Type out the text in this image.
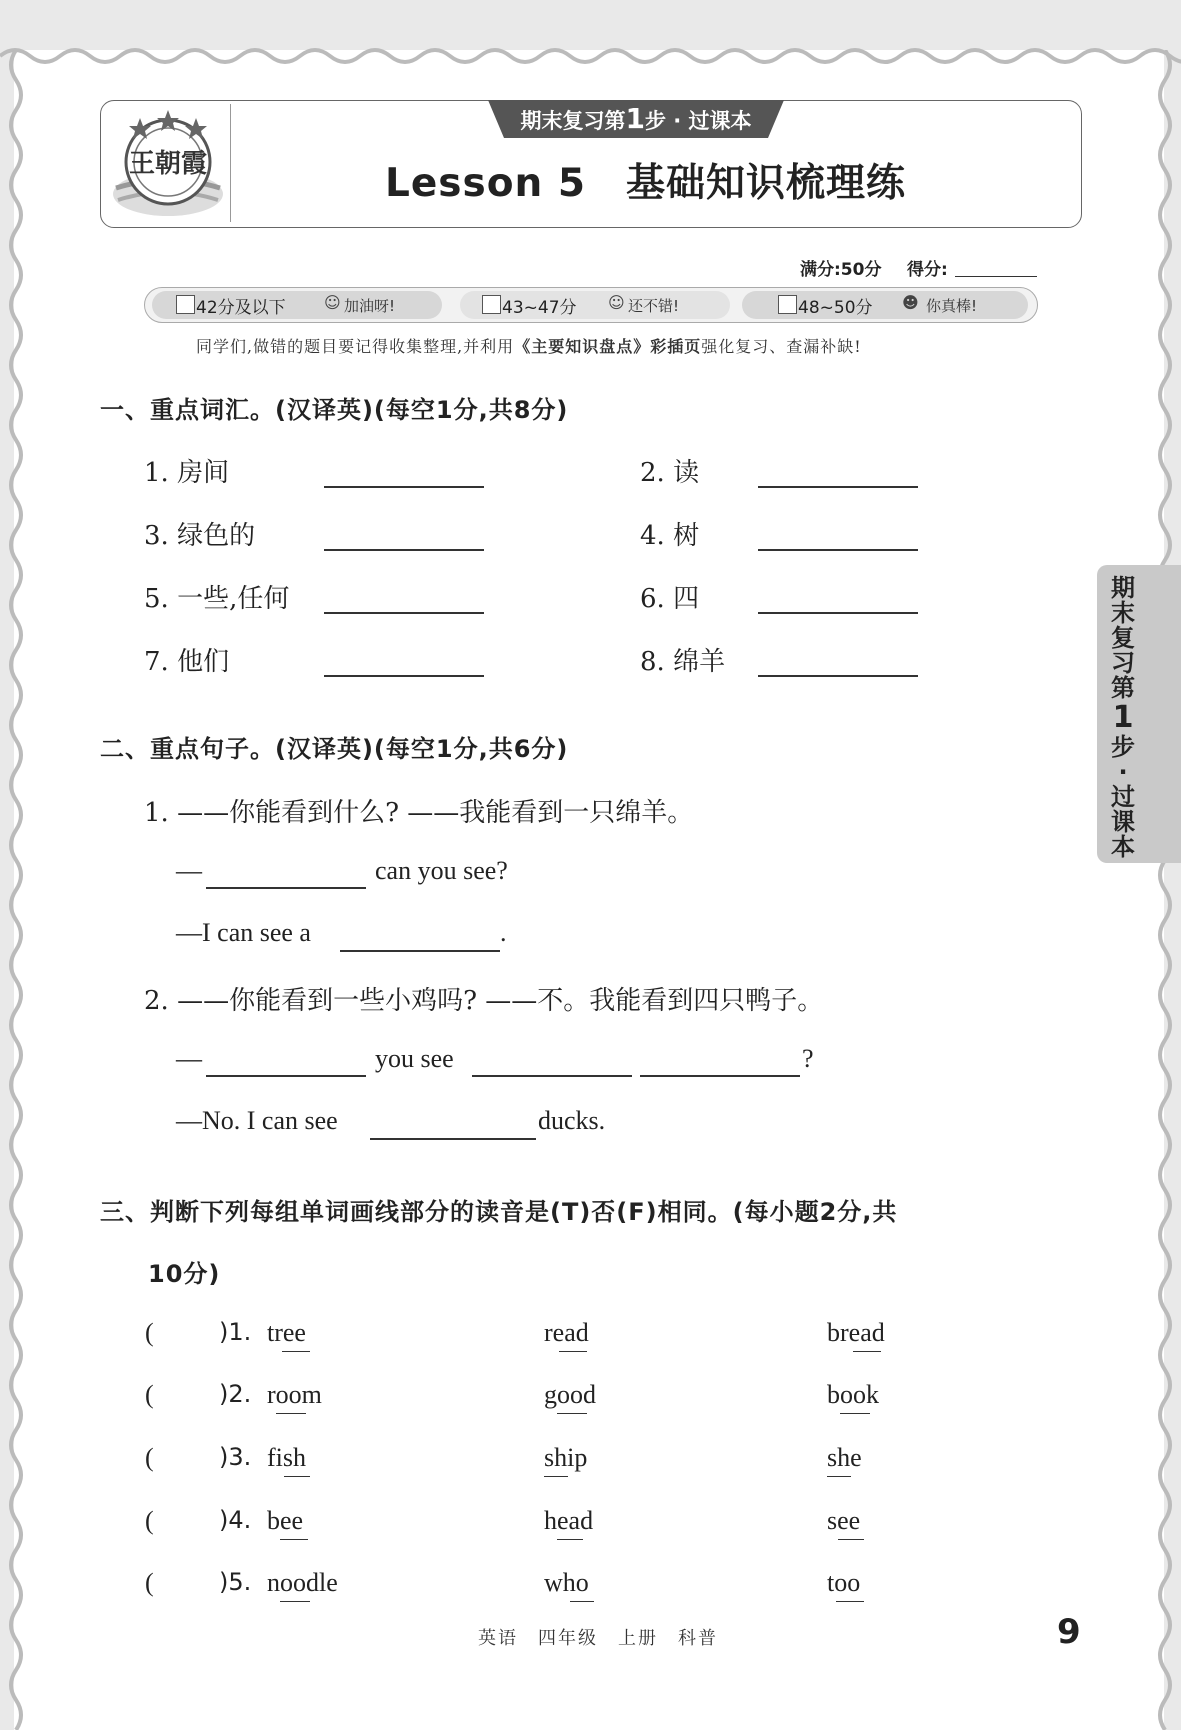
王朝霞
期末复习第1步 · 过课本
Lesson 5　基础知识梳理练
满分:50分 得分:
42分及以下 ☺ 加油呀!	43~47分 ☺ 还不错!	48~50分 ☻ 你真棒!
同学们,做错的题目要记得收集整理,并利用《主要知识盘点》彩插页强化复习、查漏补缺!
一、重点词汇。(汉译英)(每空1分,共8分)
1. 房间	2. 读
3. 绿色的	4. 树
5. 一些,任何	6. 四
7. 他们	8. 绵羊
二、重点句子。(汉译英)(每空1分,共6分)
1. ——你能看到什么? ——我能看到一只绵羊。
—	can you see?
—I can see a	.
2. ——你能看到一些小鸡吗? ——不。我能看到四只鸭子。
—	you see	?
—No. I can see	ducks.
三、判断下列每组单词画线部分的读音是(T)否(F)相同。(每小题2分,共
10分)
(	)1. tree	read	bread
(	)2. room	good	book
(	)3. fish	ship	she
(	)4. bee	head	see
(	)5. noodle	who	too
期
末
复
习
第
1
步
·
过
课
本
英语　四年级　上册　科普	9
